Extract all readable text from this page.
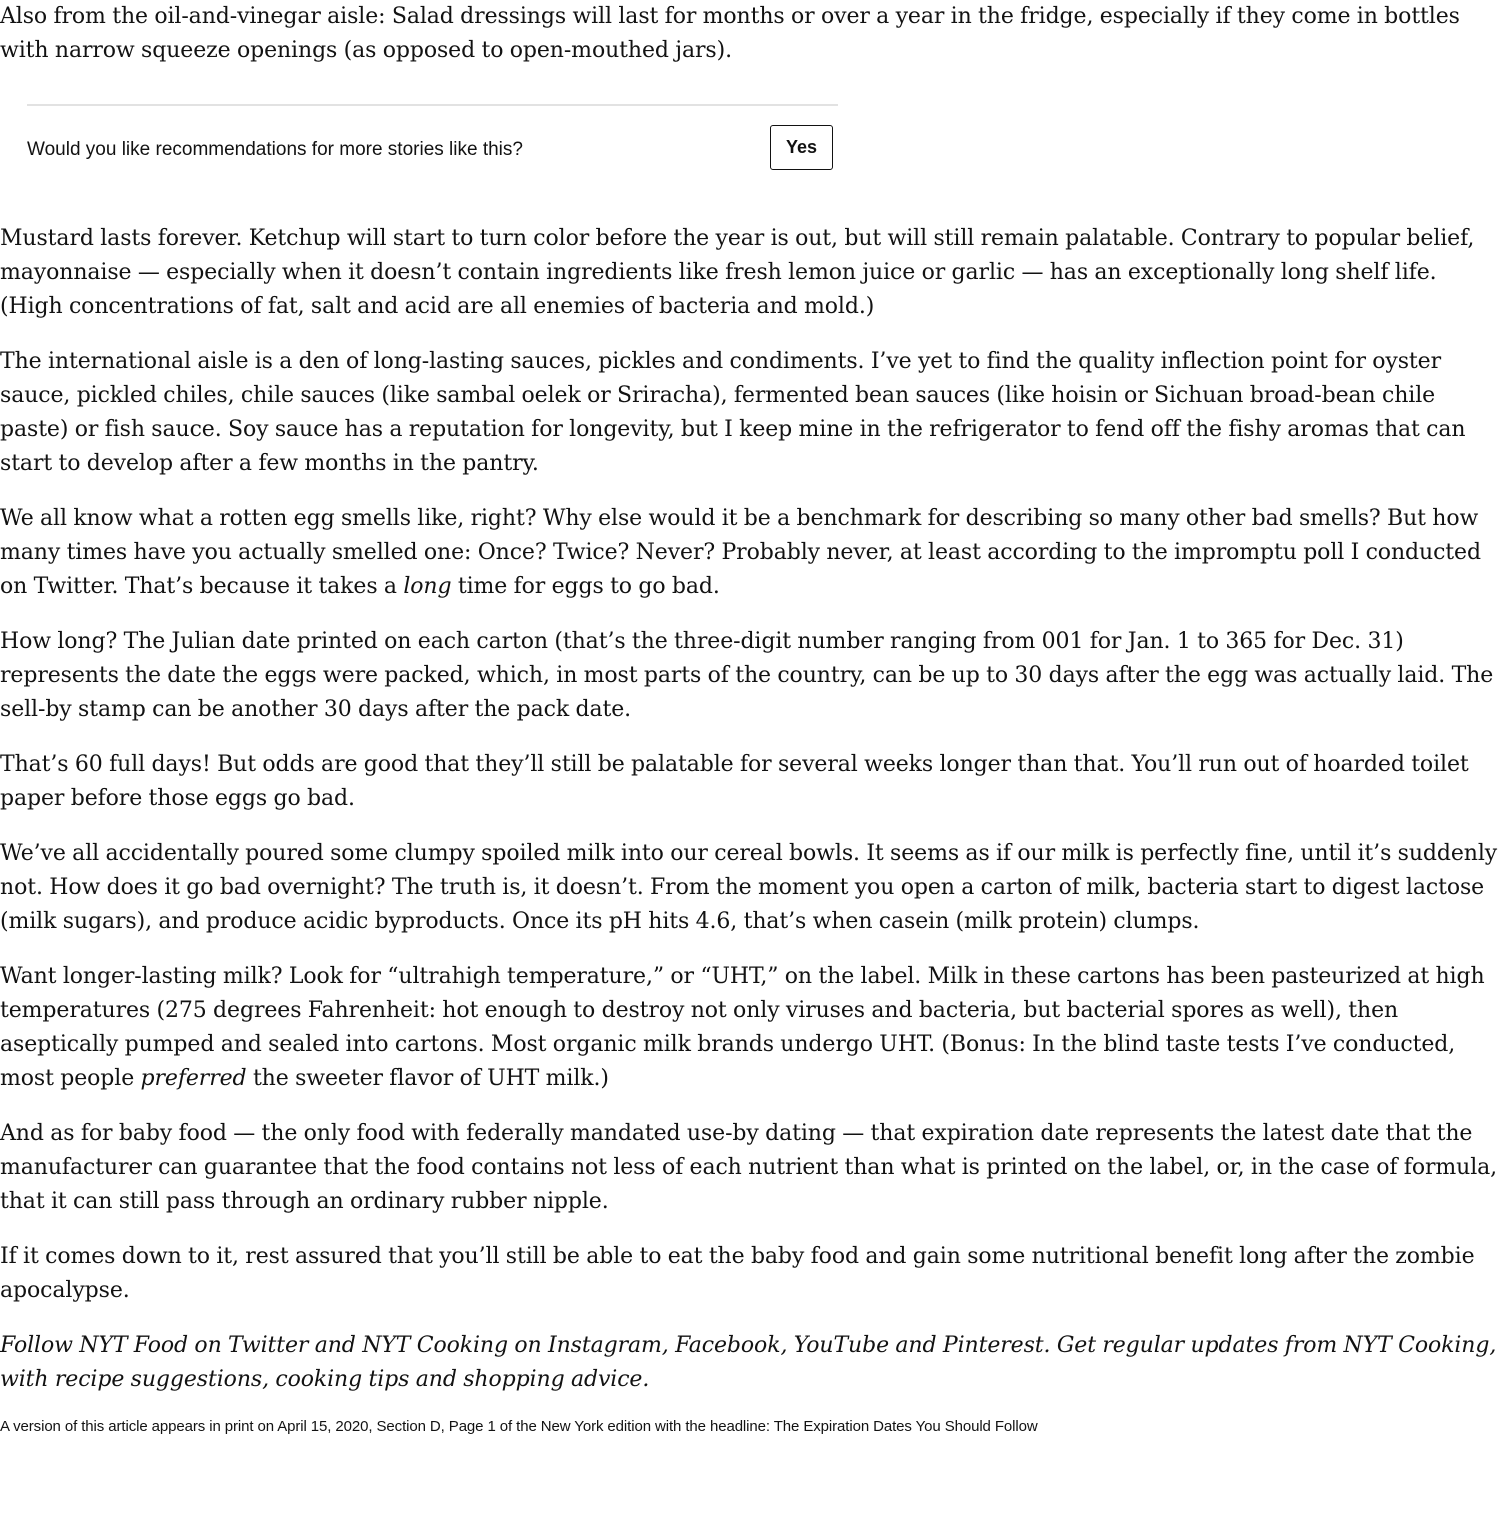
Also from the oil-and-vinegar aisle: Salad dressings will last for months or over a year in the fridge, especially if they come in bottles with narrow squeeze openings (as opposed to open-mouthed jars).

Would you like recommendations for more stories like this?	Yes

Mustard lasts forever. Ketchup will start to turn color before the year is out, but will still remain palatable. Contrary to popular belief, mayonnaise — especially when it doesn’t contain ingredients like fresh lemon juice or garlic — has an exceptionally long shelf life. (High concentrations of fat, salt and acid are all enemies of bacteria and mold.)

The international aisle is a den of long-lasting sauces, pickles and condiments. I’ve yet to find the quality inflection point for oyster sauce, pickled chiles, chile sauces (like sambal oelek or Sriracha), fermented bean sauces (like hoisin or Sichuan broad-bean chile paste) or fish sauce. Soy sauce has a reputation for longevity, but I keep mine in the refrigerator to fend off the fishy aromas that can start to develop after a few months in the pantry.

We all know what a rotten egg smells like, right? Why else would it be a benchmark for describing so many other bad smells? But how many times have you actually smelled one: Once? Twice? Never? Probably never, at least according to the impromptu poll I conducted on Twitter. That’s because it takes a long time for eggs to go bad.

How long? The Julian date printed on each carton (that’s the three-digit number ranging from 001 for Jan. 1 to 365 for Dec. 31) represents the date the eggs were packed, which, in most parts of the country, can be up to 30 days after the egg was actually laid. The sell-by stamp can be another 30 days after the pack date.

That’s 60 full days! But odds are good that they’ll still be palatable for several weeks longer than that. You’ll run out of hoarded toilet paper before those eggs go bad.

We’ve all accidentally poured some clumpy spoiled milk into our cereal bowls. It seems as if our milk is perfectly fine, until it’s suddenly not. How does it go bad overnight? The truth is, it doesn’t. From the moment you open a carton of milk, bacteria start to digest lactose (milk sugars), and produce acidic byproducts. Once its pH hits 4.6, that’s when casein (milk protein) clumps.

Want longer-lasting milk? Look for “ultrahigh temperature,” or “UHT,” on the label. Milk in these cartons has been pasteurized at high temperatures (275 degrees Fahrenheit: hot enough to destroy not only viruses and bacteria, but bacterial spores as well), then aseptically pumped and sealed into cartons. Most organic milk brands undergo UHT. (Bonus: In the blind taste tests I’ve conducted, most people preferred the sweeter flavor of UHT milk.)

And as for baby food — the only food with federally mandated use-by dating — that expiration date represents the latest date that the manufacturer can guarantee that the food contains not less of each nutrient than what is printed on the label, or, in the case of formula, that it can still pass through an ordinary rubber nipple.

If it comes down to it, rest assured that you’ll still be able to eat the baby food and gain some nutritional benefit long after the zombie apocalypse.

Follow NYT Food on Twitter and NYT Cooking on Instagram, Facebook, YouTube and Pinterest. Get regular updates from NYT Cooking, with recipe suggestions, cooking tips and shopping advice.

A version of this article appears in print on April 15, 2020, Section D, Page 1 of the New York edition with the headline: The Expiration Dates You Should Follow
